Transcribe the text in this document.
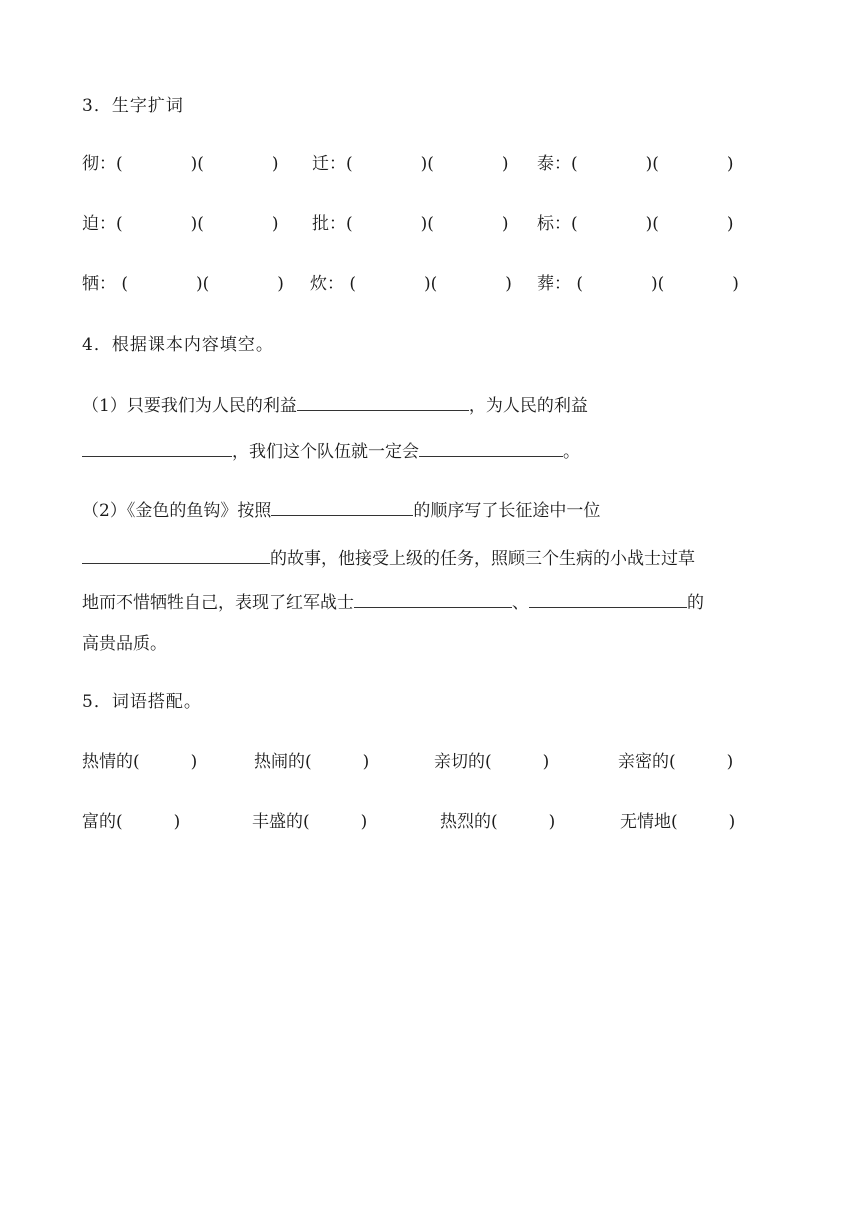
3．生字扩词
彻：(　　　　)(　　　　) 迁：(　　　　)(　　　　) 泰：(　　　　)(　　　　)
迫：(　　　　)(　　　　) 批：(　　　　)(　　　　) 标：(　　　　)(　　　　)
牺： (　　　　)(　　　　) 炊： (　　　　)(　　　　) 葬： (　　　　)(　　　　)
4．根据课本内容填空。
（1）只要我们为人民的利益	，为人民的利益
，我们这个队伍就一定会	。
（2）《金色的鱼钩》按照	的顺序写了长征途中一位
的故事，他接受上级的任务，照顾三个生病的小战士过草
地而不惜牺牲自己，表现了红军战士	、	的
高贵品质。
5．词语搭配。
热情的(　　　)	热闹的(　　　)	亲切的(　　　)	亲密的(　　　)
富的(　　　)	丰盛的(　　　)	热烈的(　　　)	无情地(　　　)
